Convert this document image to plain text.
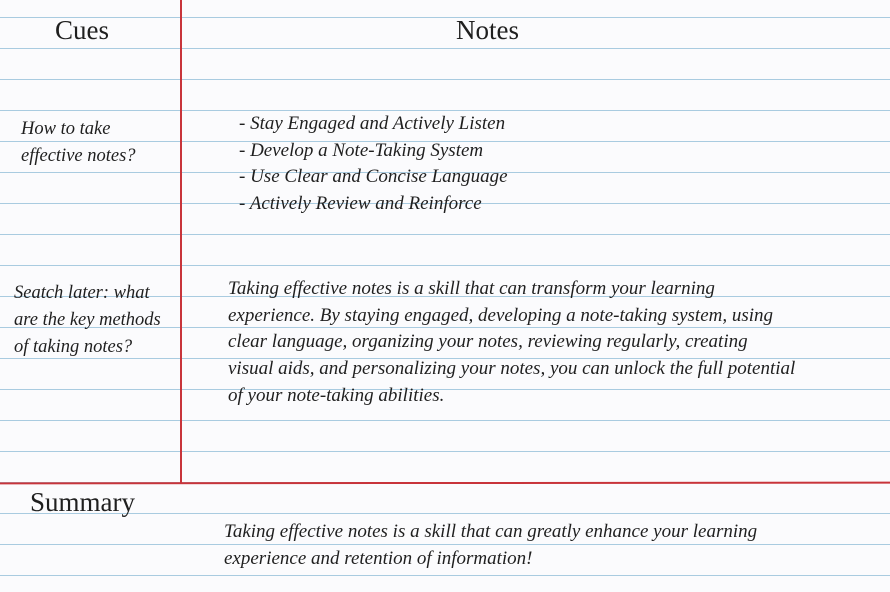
Cues	Notes
Summary
How to take
effective notes?
Seatch later: what
are the key methods
of taking notes?
- Stay Engaged and Actively Listen
- Develop a Note-Taking System
- Use Clear and Concise Language
- Actively Review and Reinforce
Taking effective notes is a skill that can transform your learning
experience. By staying engaged, developing a note-taking system, using
clear language, organizing your notes, reviewing regularly, creating
visual aids, and personalizing your notes, you can unlock the full potential
of your note-taking abilities.
Taking effective notes is a skill that can greatly enhance your learning
experience and retention of information!
